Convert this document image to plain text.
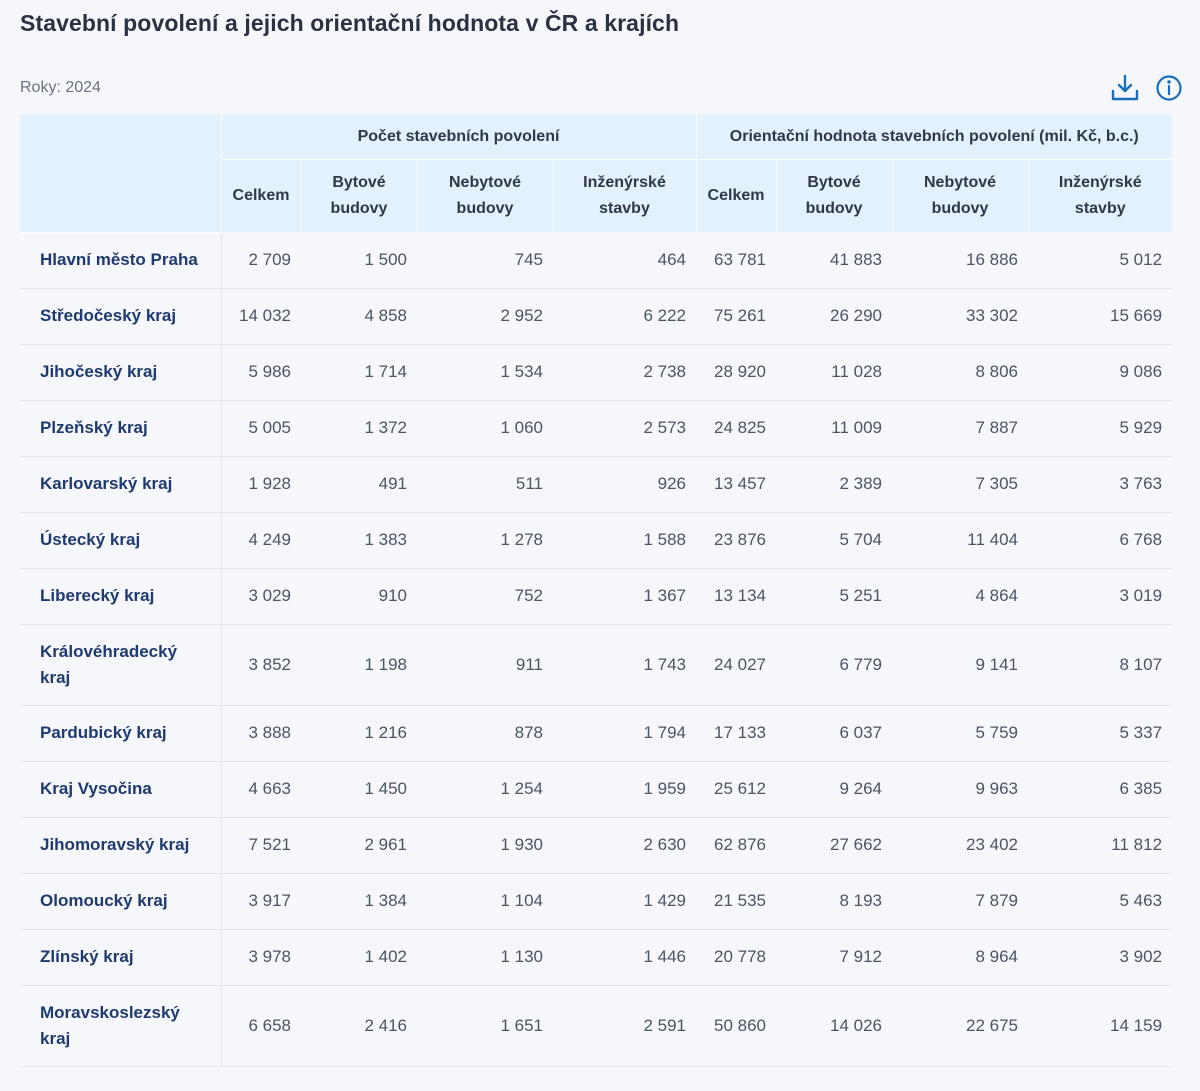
Stavební povolení a jejich orientační hodnota v ČR a krajích
Roky: 2024
	Počet stavebních povolení				Orientační hodnota stavebních povolení (mil. Kč, b.c.)			
	Celkem	Bytové budovy	Nebytové budovy	Inženýrské stavby	Celkem	Bytové budovy	Nebytové budovy	Inženýrské stavby
Hlavní město Praha	2 709	1 500	745	464	63 781	41 883	16 886	5 012
Středočeský kraj	14 032	4 858	2 952	6 222	75 261	26 290	33 302	15 669
Jihočeský kraj	5 986	1 714	1 534	2 738	28 920	11 028	8 806	9 086
Plzeňský kraj	5 005	1 372	1 060	2 573	24 825	11 009	7 887	5 929
Karlovarský kraj	1 928	491	511	926	13 457	2 389	7 305	3 763
Ústecký kraj	4 249	1 383	1 278	1 588	23 876	5 704	11 404	6 768
Liberecký kraj	3 029	910	752	1 367	13 134	5 251	4 864	3 019
Královéhradecký kraj	3 852	1 198	911	1 743	24 027	6 779	9 141	8 107
Pardubický kraj	3 888	1 216	878	1 794	17 133	6 037	5 759	5 337
Kraj Vysočina	4 663	1 450	1 254	1 959	25 612	9 264	9 963	6 385
Jihomoravský kraj	7 521	2 961	1 930	2 630	62 876	27 662	23 402	11 812
Olomoucký kraj	3 917	1 384	1 104	1 429	21 535	8 193	7 879	5 463
Zlínský kraj	3 978	1 402	1 130	1 446	20 778	7 912	8 964	3 902
Moravskoslezský kraj	6 658	2 416	1 651	2 591	50 860	14 026	22 675	14 159
